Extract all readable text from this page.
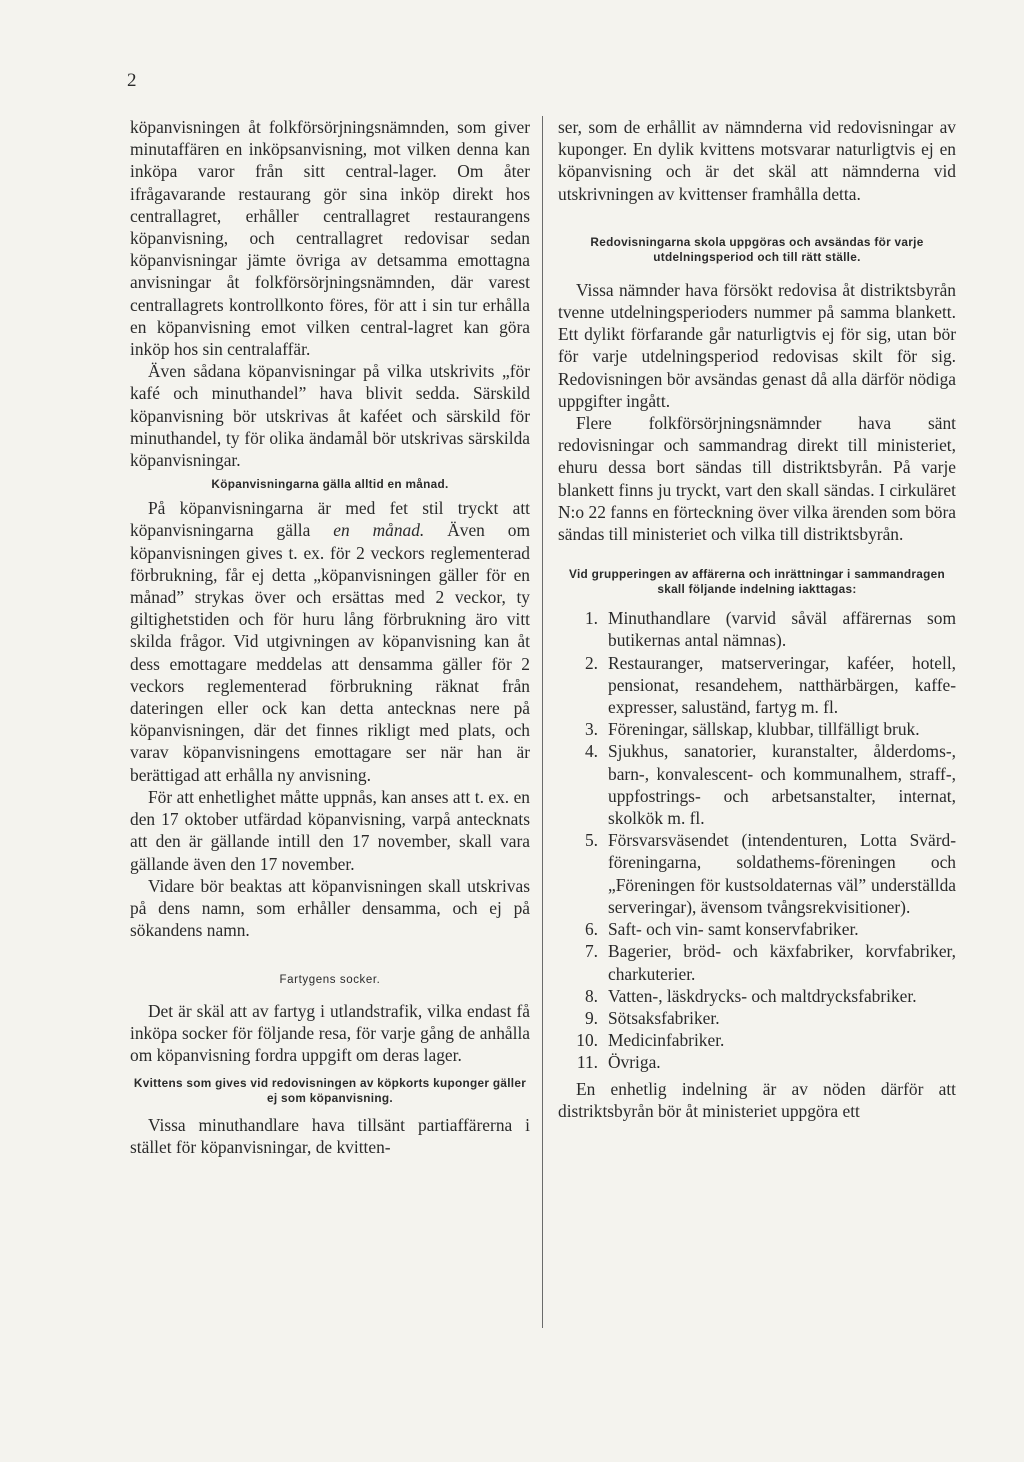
2

köpanvisningen åt folkförsörjningsnämnden, som giver minutaffären en inköpsanvisning, mot vilken denna kan inköpa varor från sitt central-lager. Om åter ifrågavarande restaurang gör sina inköp direkt hos centrallagret, erhåller centrallagret restaurangens köpanvisning, och centrallagret redovisar sedan köpanvisningar jämte övriga av detsamma emottagna anvisningar åt folkförsörjningsnämnden, där varest centrallagrets kontrollkonto föres, för att i sin tur erhålla en köpanvisning emot vilken central-lagret kan göra inköp hos sin centralaffär.

Även sådana köpanvisningar på vilka utskrivits „för kafé och minuthandel” hava blivit sedda. Särskild köpanvisning bör utskrivas åt kaféet och särskild för minuthandel, ty för olika ändamål bör utskrivas särskilda köpanvisningar.

Köpanvisningarna gälla alltid en månad.

På köpanvisningarna är med fet stil tryckt att köpanvisningarna gälla en månad. Även om köpanvisningen gives t. ex. för 2 veckors reglementerad förbrukning, får ej detta „köpanvisningen gäller för en månad” strykas över och ersättas med 2 veckor, ty giltighetstiden och för huru lång förbrukning äro vitt skilda frågor. Vid utgivningen av köpanvisning kan åt dess emottagare meddelas att densamma gäller för 2 veckors reglementerad förbrukning räknat från dateringen eller ock kan detta antecknas nere på köpanvisningen, där det finnes rikligt med plats, och varav köpanvisningens emottagare ser när han är berättigad att erhålla ny anvisning.

För att enhetlighet måtte uppnås, kan anses att t. ex. en den 17 oktober utfärdad köpanvisning, varpå antecknats att den är gällande intill den 17 november, skall vara gällande även den 17 november.

Vidare bör beaktas att köpanvisningen skall utskrivas på dens namn, som erhåller densamma, och ej på sökandens namn.

Fartygens socker.

Det är skäl att av fartyg i utlandstrafik, vilka endast få inköpa socker för följande resa, för varje gång de anhålla om köpanvisning fordra uppgift om deras lager.

Kvittens som gives vid redovisningen av köpkorts kuponger gäller ej som köpanvisning.

Vissa minuthandlare hava tillsänt partiaffärerna i stället för köpanvisningar, de kvitten-

ser, som de erhållit av nämnderna vid redovisningar av kuponger. En dylik kvittens motsvarar naturligtvis ej en köpanvisning och är det skäl att nämnderna vid utskrivningen av kvittenser framhålla detta.

Redovisningarna skola uppgöras och avsändas för varje utdelningsperiod och till rätt ställe.

Vissa nämnder hava försökt redovisa åt distriktsbyrån tvenne utdelningsperioders nummer på samma blankett. Ett dylikt förfarande går naturligtvis ej för sig, utan bör för varje utdelningsperiod redovisas skilt för sig. Redovisningen bör avsändas genast då alla därför nödiga uppgifter ingått.

Flere folkförsörjningsnämnder hava sänt redovisningar och sammandrag direkt till ministeriet, ehuru dessa bort sändas till distriktsbyrån. På varje blankett finns ju tryckt, vart den skall sändas. I cirkuläret N:o 22 fanns en förteckning över vilka ärenden som böra sändas till ministeriet och vilka till distriktsbyrån.

Vid grupperingen av affärerna och inrättningar i sammandragen skall följande indelning iakttagas:
1. Minuthandlare (varvid såväl affärernas som butikernas antal nämnas).
2. Restauranger, matserveringar, kaféer, hotell, pensionat, resandehem, natthärbärgen, kaffe-expresser, saluständ, fartyg m. fl.
3. Föreningar, sällskap, klubbar, tillfälligt bruk.
4. Sjukhus, sanatorier, kuranstalter, ålderdoms-, barn-, konvalescent- och kommunalhem, straff-, uppfostrings- och arbetsanstalter, internat, skolkök m. fl.
5. Försvarsväsendet (intendenturen, Lotta Svärd-föreningarna, soldathems-föreningen och „Föreningen för kustsoldaternas väl” underställda serveringar), ävensom tvångsrekvisitioner).
6. Saft- och vin- samt konservfabriker.
7. Bagerier, bröd- och käxfabriker, korvfabriker, charkuterier.
8. Vatten-, läskdrycks- och maltdrycksfabriker.
9. Sötsaksfabriker.
10. Medicinfabriker.
11. Övriga.

En enhetlig indelning är av nöden därför att distriktsbyrån bör åt ministeriet uppgöra ett
